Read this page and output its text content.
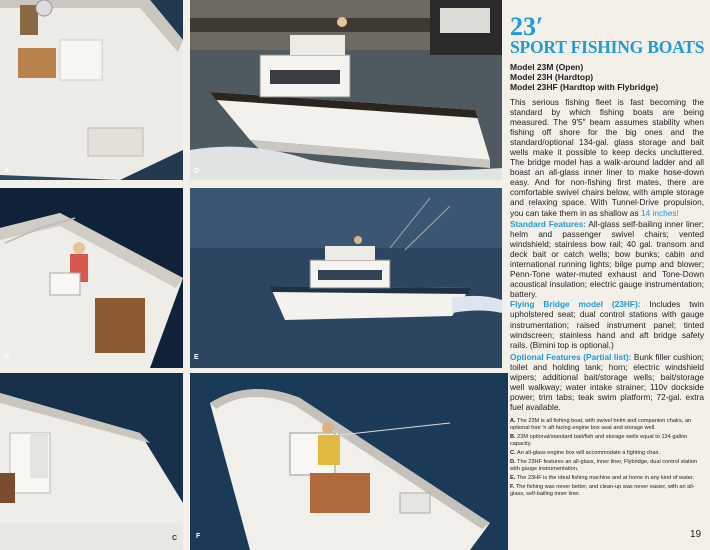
A	D
B	E
C	F
23′
SPORT FISHING BOATS
Model 23M (Open)
Model 23H (Hardtop)
Model 23HF (Hardtop with Flybridge)
This serious fishing fleet is fast becoming the standard by which fishing boats are being measured. The 9′5″ beam assumes stability when fishing off shore for the big ones and the standard/optional 134-gal. glass storage and bait wells make it possible to keep decks uncluttered. The bridge model has a walk-around ladder and all boast an all-glass inner liner to make hose-down easy. And for non-fishing first mates, there are comfortable swivel chairs below, with ample storage and relaxing space. With Tunnel-Drive propulsion, you can take them in as shallow as 14 inches!
Standard Features: All-glass self-bailing inner liner; helm and passenger swivel chairs; vented windshield; stainless bow rail; 40 gal. transom and deck bait or catch wells; bow bunks; cabin and international running lights; bilge pump and blower; Penn-Tone water-muted exhaust and Tone-Down acoustical insulation; electric gauge instrumentation; battery.
Flying Bridge model (23HF): Includes twin upholstered seat; dual control stations with gauge instrumentation; raised instrument panel; tinted windscreen; stainless hand and aft bridge safety rails. (Bimini top is optional.)
Optional Features (Partial list): Bunk filler cushion; toilet and holding tank; horn; electric windshield wipers; additional bait/storage wells; bait/storage well walkway; water intake strainer; 110v dockside power; trim tabs; teak swim platform; 72-gal. extra fuel available.
A. The 23M is all fishing boat, with swivel helm and companion chairs, an optional fore 'n aft facing engine box seat and storage well.
B. 23M optional/standard bait/fish and storage wells equal to 134 gallon capacity.
C. An all-glass engine box will accommodate a fighting chair.
D. The 23HF features an all-glass, inner liner, Flybridge, dual control station with gauge instrumentation.
E. The 23HF is the ideal fishing machine and at home in any kind of water.
F. The fishing was never better, and clean-up was never easier, with an all-glass, self-bailing inner liner.
19
